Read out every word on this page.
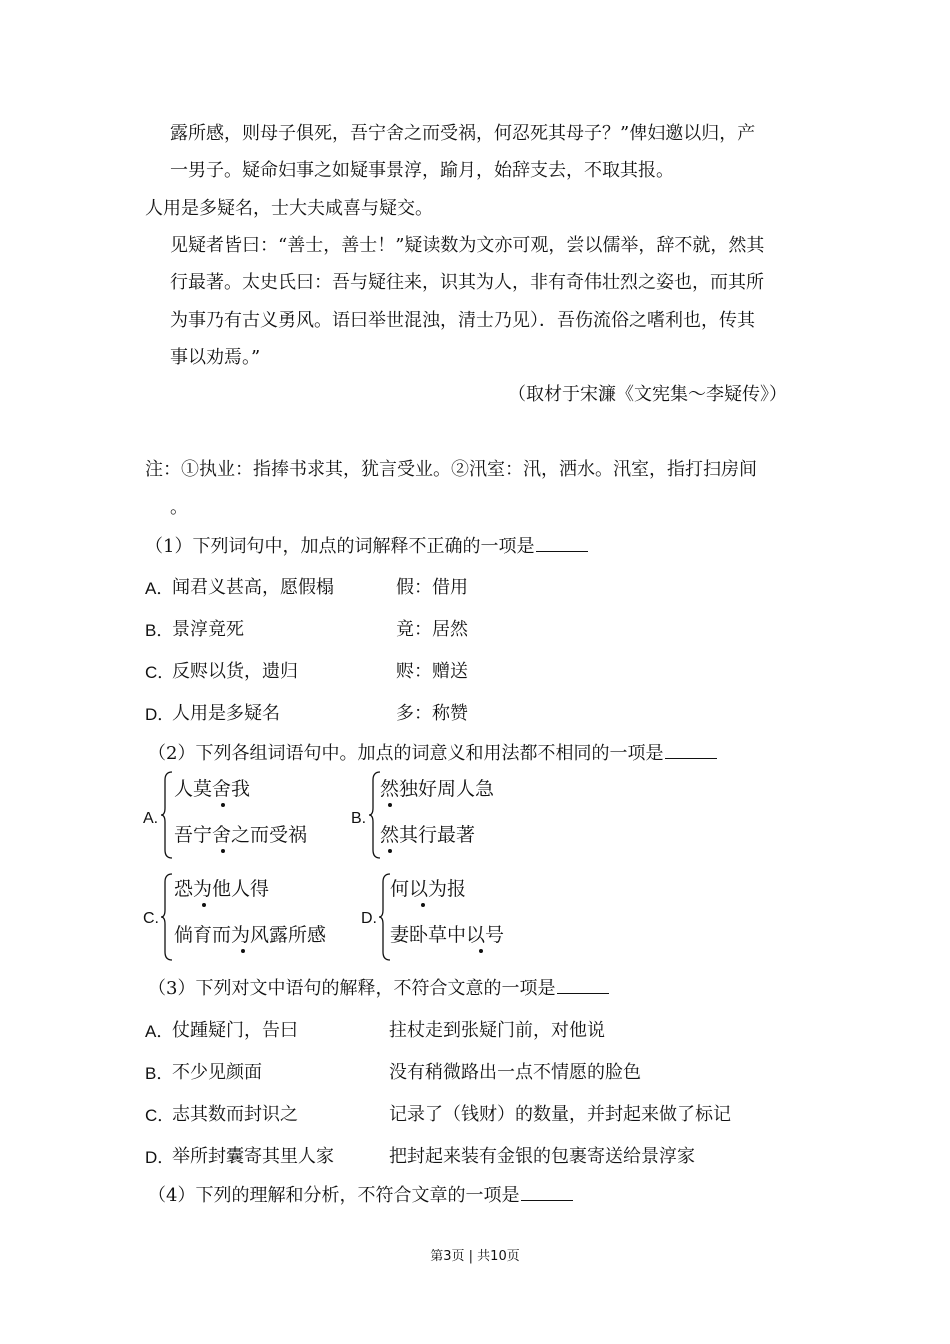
露所感，则母子俱死，吾宁舍之而受祸，何忍死其母子？”俾妇邀以归，产
一男子。疑命妇事之如疑事景淳，踰月，始辞支去，不取其报。
人用是多疑名，士大夫咸喜与疑交。
见疑者皆曰：“善士，善士！”疑读数为文亦可观，尝以儒举，辞不就，然其
行最著。太史氏曰：吾与疑往来，识其为人，非有奇伟壮烈之姿也，而其所
为事乃有古义勇风。语曰举世混浊，清士乃见）．吾伤流俗之嗜利也，传其
事以劝焉。”
（取材于宋濂《文宪集～李疑传》）
注：①执业：指捧书求其，犹言受业。②汛室：汛，洒水。汛室，指打扫房间
。
（1）下列词句中，加点的词解释不正确的一项是
A．
闻君义甚高，愿假榻	假：借用
B．
景淳竟死	竟：居然
C．
反赆以货，遗归	赆：赠送
D．
人用是多疑名	多：称赞
（2）下列各组词语句中。加点的词意义和用法都不相同的一项是
A.
人莫舍我
吾宁舍之而受祸
B.
然独好周人急
然其行最著
C.
恐为他人得
倘育而为风露所感
D.
何以为报
妻卧草中以号
（3）下列对文中语句的解释，不符合文意的一项是
A．
仗踵疑门，告曰	拄杖走到张疑门前，对他说
B．
不少见颜面	没有稍微路出一点不情愿的脸色
C．
志其数而封识之	记录了（钱财）的数量，并封起来做了标记
D．
举所封囊寄其里人家	把封起来装有金银的包裹寄送给景淳家
（4）下列的理解和分析，不符合文章的一项是
第3页 | 共10页
